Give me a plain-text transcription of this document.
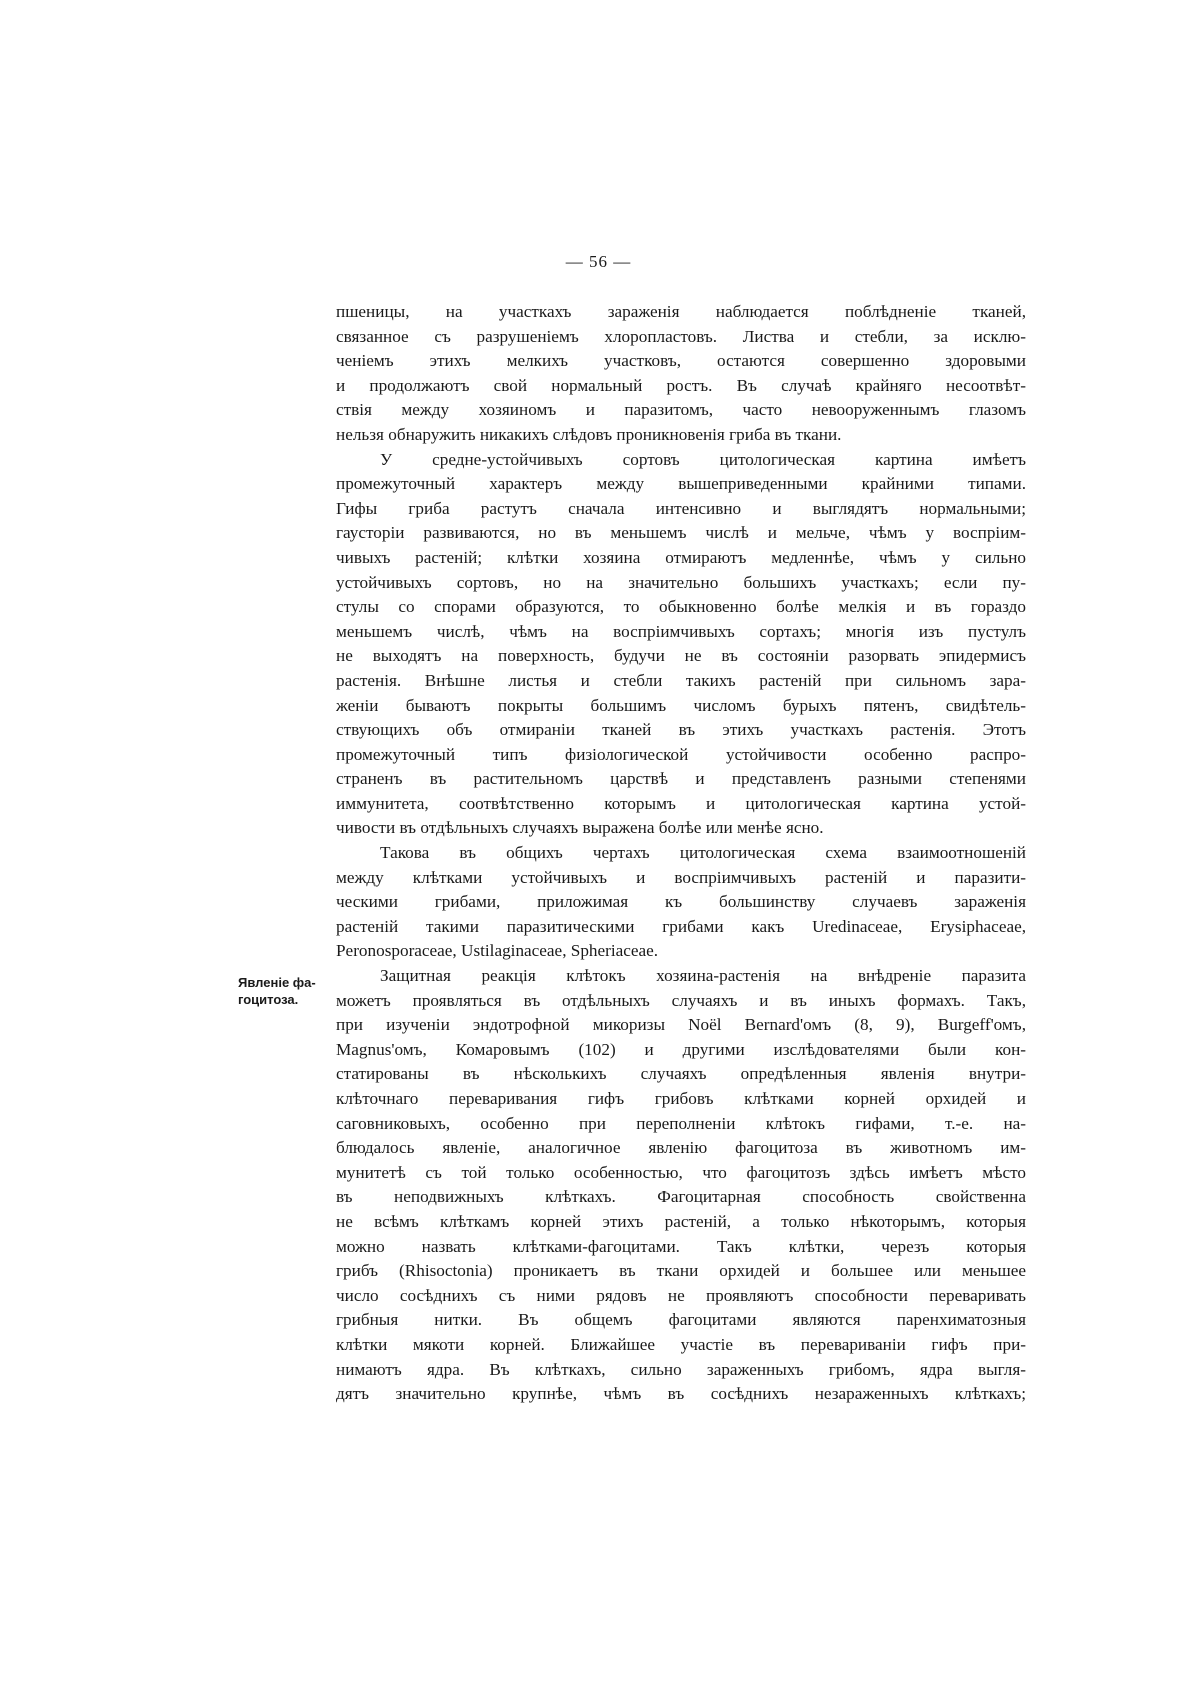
— 56 —
Явленіе фа-
гоцитоза.
пшеницы, на участкахъ зараженія наблюдается поблѣдненіе тканей,
связанное съ разрушеніемъ хлоропластовъ. Листва и стебли, за исклю-
ченіемъ этихъ мелкихъ участковъ, остаются совершенно здоровыми
и продолжаютъ свой нормальный ростъ. Въ случаѣ крайняго несоотвѣт-
ствія между хозяиномъ и паразитомъ, часто невооруженнымъ глазомъ
нельзя обнаружить никакихъ слѣдовъ проникновенія гриба въ ткани.
У средне-устойчивыхъ сортовъ цитологическая картина имѣетъ
промежуточный характеръ между вышеприведенными крайними типами.
Гифы гриба растутъ сначала интенсивно и выглядятъ нормальными;
гаусторіи развиваются, но въ меньшемъ числѣ и мельче, чѣмъ у воспріим-
чивыхъ растеній; клѣтки хозяина отмираютъ медленнѣе, чѣмъ у сильно
устойчивыхъ сортовъ, но на значительно большихъ участкахъ; если пу-
стулы со спорами образуются, то обыкновенно болѣе мелкія и въ гораздо
меньшемъ числѣ, чѣмъ на воспріимчивыхъ сортахъ; многія изъ пустулъ
не выходятъ на поверхность, будучи не въ состояніи разорвать эпидермисъ
растенія. Внѣшне листья и стебли такихъ растеній при сильномъ зара-
женіи бываютъ покрыты большимъ числомъ бурыхъ пятенъ, свидѣтель-
ствующихъ объ отмираніи тканей въ этихъ участкахъ растенія. Этотъ
промежуточный типъ физіологической устойчивости особенно распро-
страненъ въ растительномъ царствѣ и представленъ разными степенями
иммунитета, соотвѣтственно которымъ и цитологическая картина устой-
чивости въ отдѣльныхъ случаяхъ выражена болѣе или менѣе ясно.
Такова въ общихъ чертахъ цитологическая схема взаимоотношеній
между клѣтками устойчивыхъ и воспріимчивыхъ растеній и паразити-
ческими грибами, приложимая къ большинству случаевъ зараженія
растеній такими паразитическими грибами какъ Uredinaceae, Erysiphaceae,
Peronosporaceae, Ustilaginaceae, Spheriaceae.
Защитная реакція клѣтокъ хозяина-растенія на внѣдреніе паразита
можетъ проявляться въ отдѣльныхъ случаяхъ и въ иныхъ формахъ. Такъ,
при изученіи эндотрофной микоризы Noël Bernard'омъ (8, 9), Burgeff'омъ,
Magnus'омъ, Комаровымъ (102) и другими изслѣдователями были кон-
статированы въ нѣсколькихъ случаяхъ опредѣленныя явленія внутри-
клѣточнаго переваривания гифъ грибовъ клѣтками корней орхидей и
саговниковыхъ, особенно при переполненіи клѣтокъ гифами, т.-е. на-
блюдалось явленіе, аналогичное явленію фагоцитоза въ животномъ им-
мунитетѣ съ той только особенностью, что фагоцитозъ здѣсь имѣетъ мѣсто
въ неподвижныхъ клѣткахъ. Фагоцитарная способность свойственна
не всѣмъ клѣткамъ корней этихъ растеній, а только нѣкоторымъ, которыя
можно назвать клѣтками-фагоцитами. Такъ клѣтки, черезъ которыя
грибъ (Rhisoctonia) проникаетъ въ ткани орхидей и большее или меньшее
число сосѣднихъ съ ними рядовъ не проявляютъ способности переваривать
грибныя нитки. Въ общемъ фагоцитами являются паренхиматозныя
клѣтки мякоти корней. Ближайшее участіе въ перевариваніи гифъ при-
нимаютъ ядра. Въ клѣткахъ, сильно зараженныхъ грибомъ, ядра выгля-
дятъ значительно крупнѣе, чѣмъ въ сосѣднихъ незараженныхъ клѣткахъ;
